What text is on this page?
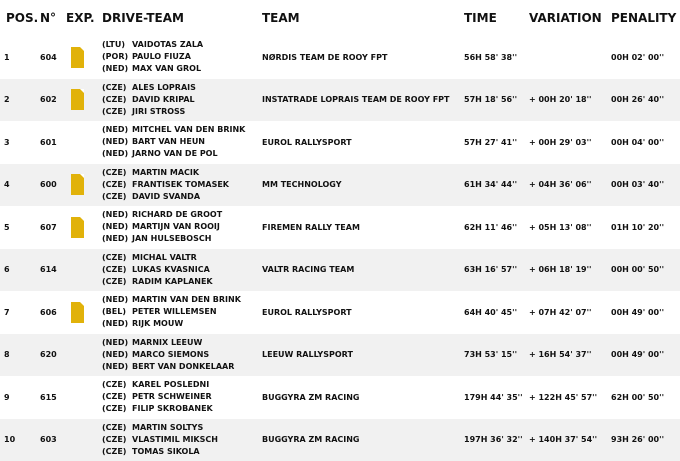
POS.	N°	EXP.	DRIVE-TEAM	TEAM	TIME	VARIATION	PENALITY
1	604		(LTU) VAIDOTAS ZALA
(POR) PAULO FIUZA
(NED) MAX VAN GROL	NØRDIS TEAM DE ROOY FPT	56H 58' 38''		00H 02' 00''
2	602		(CZE) ALES LOPRAIS
(CZE) DAVID KRIPAL
(CZE) JIRI STROSS	INSTATRADE LOPRAIS TEAM DE ROOY FPT	57H 18' 56''	+ 00H 20' 18''	00H 26' 40''
3	601		(NED) MITCHEL VAN DEN BRINK
(NED) BART VAN HEUN
(NED) JARNO VAN DE POL	EUROL RALLYSPORT	57H 27' 41''	+ 00H 29' 03''	00H 04' 00''
4	600		(CZE) MARTIN MACIK
(CZE) FRANTISEK TOMASEK
(CZE) DAVID SVANDA	MM TECHNOLOGY	61H 34' 44''	+ 04H 36' 06''	00H 03' 40''
5	607		(NED) RICHARD DE GROOT
(NED) MARTIJN VAN ROOIJ
(NED) JAN HULSEBOSCH	FIREMEN RALLY TEAM	62H 11' 46''	+ 05H 13' 08''	01H 10' 20''
6	614		(CZE) MICHAL VALTR
(CZE) LUKAS KVASNICA
(CZE) RADIM KAPLANEK	VALTR RACING TEAM	63H 16' 57''	+ 06H 18' 19''	00H 00' 50''
7	606		(NED) MARTIN VAN DEN BRINK
(BEL) PETER WILLEMSEN
(NED) RIJK MOUW	EUROL RALLYSPORT	64H 40' 45''	+ 07H 42' 07''	00H 49' 00''
8	620		(NED) MARNIX LEEUW
(NED) MARCO SIEMONS
(NED) BERT VAN DONKELAAR	LEEUW RALLYSPORT	73H 53' 15''	+ 16H 54' 37''	00H 49' 00''
9	615		(CZE) KAREL POSLEDNI
(CZE) PETR SCHWEINER
(CZE) FILIP SKROBANEK	BUGGYRA ZM RACING	179H 44' 35''	+ 122H 45' 57''	62H 00' 50''
10	603		(CZE) MARTIN SOLTYS
(CZE) VLASTIMIL MIKSCH
(CZE) TOMAS SIKOLA	BUGGYRA ZM RACING	197H 36' 32''	+ 140H 37' 54''	93H 26' 00''
